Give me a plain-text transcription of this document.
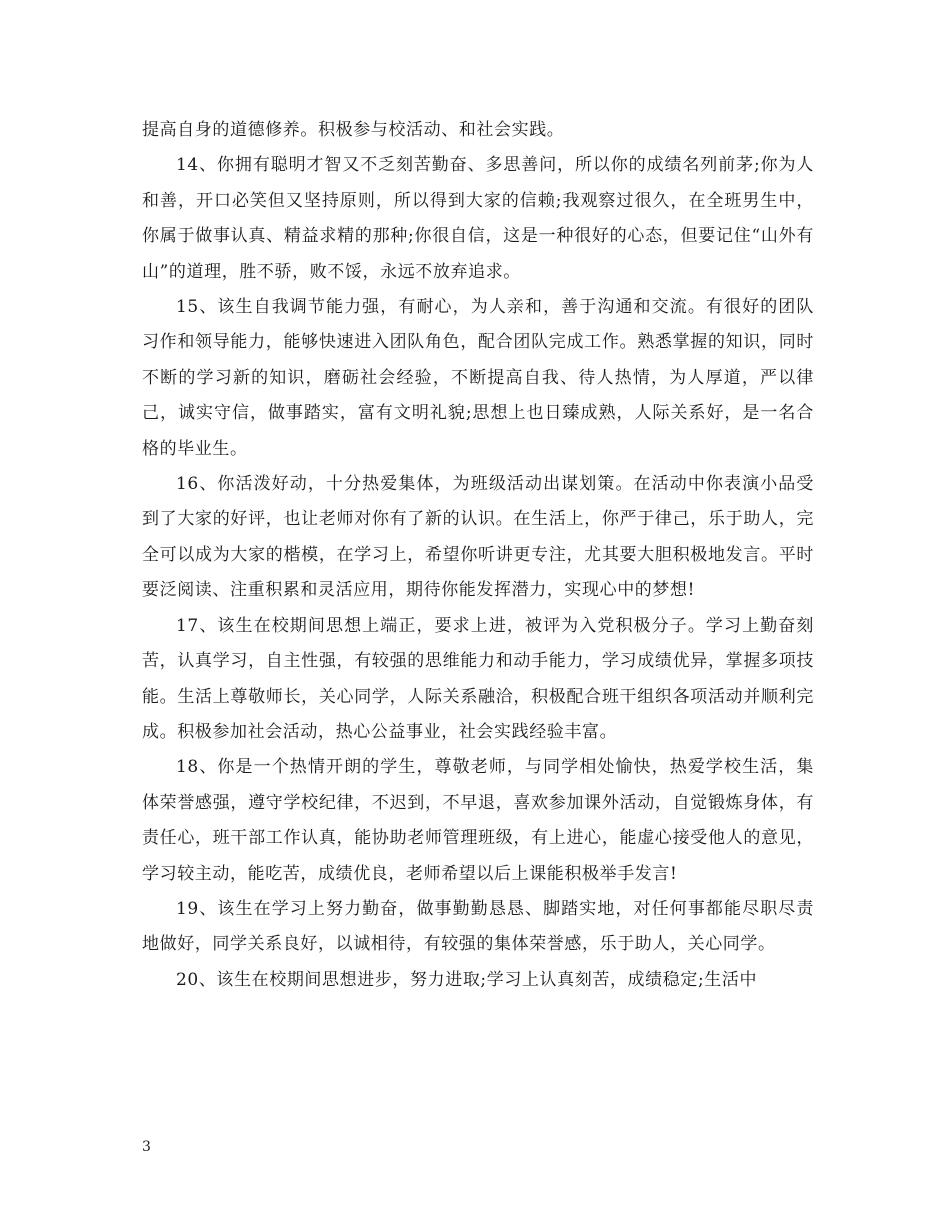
提高自身的道德修养。积极参与校活动、和社会实践。

14、你拥有聪明才智又不乏刻苦勤奋、多思善问，所以你的成绩名列前茅;你为人和善，开口必笑但又坚持原则，所以得到大家的信赖;我观察过很久，在全班男生中，你属于做事认真、精益求精的那种;你很自信，这是一种很好的心态，但要记住“山外有山”的道理，胜不骄，败不馁，永远不放弃追求。

15、该生自我调节能力强，有耐心，为人亲和，善于沟通和交流。有很好的团队习作和领导能力，能够快速进入团队角色，配合团队完成工作。熟悉掌握的知识，同时不断的学习新的知识，磨砺社会经验，不断提高自我、待人热情，为人厚道，严以律己，诚实守信，做事踏实，富有文明礼貌;思想上也日臻成熟，人际关系好，是一名合格的毕业生。

16、你活泼好动，十分热爱集体，为班级活动出谋划策。在活动中你表演小品受到了大家的好评，也让老师对你有了新的认识。在生活上，你严于律己，乐于助人，完全可以成为大家的楷模，在学习上，希望你听讲更专注，尤其要大胆积极地发言。平时要泛阅读、注重积累和灵活应用，期待你能发挥潜力，实现心中的梦想!

17、该生在校期间思想上端正，要求上进，被评为入党积极分子。学习上勤奋刻苦，认真学习，自主性强，有较强的思维能力和动手能力，学习成绩优异，掌握多项技能。生活上尊敬师长，关心同学，人际关系融洽，积极配合班干组织各项活动并顺利完成。积极参加社会活动，热心公益事业，社会实践经验丰富。

18、你是一个热情开朗的学生，尊敬老师，与同学相处愉快，热爱学校生活，集体荣誉感强，遵守学校纪律，不迟到，不早退，喜欢参加课外活动，自觉锻炼身体，有责任心，班干部工作认真，能协助老师管理班级，有上进心，能虚心接受他人的意见，学习较主动，能吃苦，成绩优良，老师希望以后上课能积极举手发言!

19、该生在学习上努力勤奋，做事勤勤恳恳、脚踏实地，对任何事都能尽职尽责地做好，同学关系良好，以诚相待，有较强的集体荣誉感，乐于助人，关心同学。

20、该生在校期间思想进步，努力进取;学习上认真刻苦，成绩稳定;生活中

3
